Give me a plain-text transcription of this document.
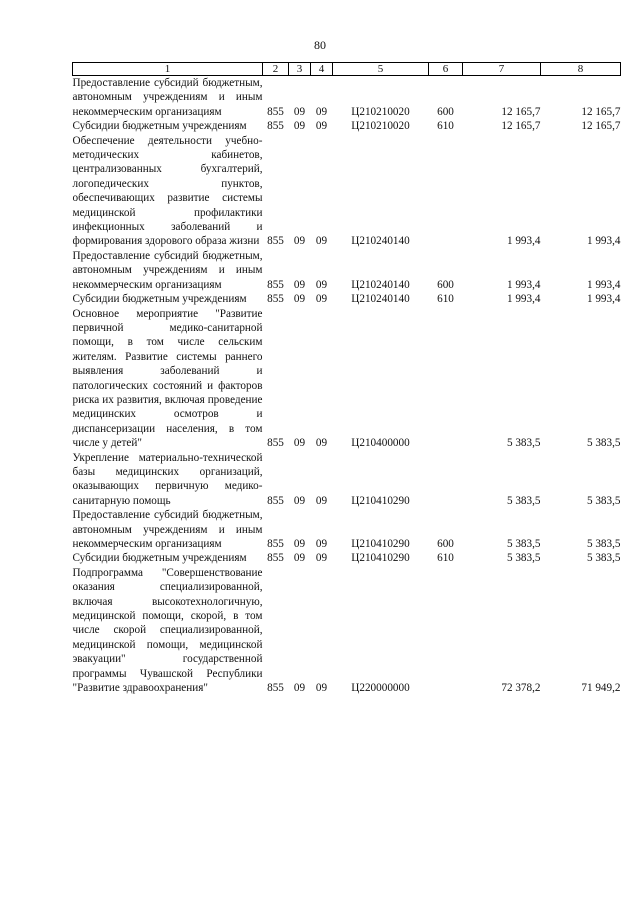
80
1	2	3	4	5	6	7	8
Предоставление субсидий бюджетным, автономным учреждениям и иным некоммерческим организациям	855	09	09	Ц210210020	600	12 165,7	12 165,7
Субсидии бюджетным учреждениям	855	09	09	Ц210210020	610	12 165,7	12 165,7
Обеспечение деятельности учебно-методических кабинетов, централизованных бухгалтерий, логопедических пунктов, обеспечивающих развитие системы медицинской профилактики инфекционных заболеваний и формирования здорового образа жизни	855	09	09	Ц210240140		1 993,4	1 993,4
Предоставление субсидий бюджетным, автономным учреждениям и иным некоммерческим организациям	855	09	09	Ц210240140	600	1 993,4	1 993,4
Субсидии бюджетным учреждениям	855	09	09	Ц210240140	610	1 993,4	1 993,4
Основное мероприятие "Развитие первичной медико-санитарной помощи, в том числе сельским жителям. Развитие системы раннего выявления заболеваний и патологических состояний и факторов риска их развития, включая проведение медицинских осмотров и диспансеризации населения, в том числе у детей"	855	09	09	Ц210400000		5 383,5	5 383,5
Укрепление материально-технической базы медицинских организаций, оказывающих первичную медико-санитарную помощь	855	09	09	Ц210410290		5 383,5	5 383,5
Предоставление субсидий бюджетным, автономным учреждениям и иным некоммерческим организациям	855	09	09	Ц210410290	600	5 383,5	5 383,5
Субсидии бюджетным учреждениям	855	09	09	Ц210410290	610	5 383,5	5 383,5
Подпрограмма "Совершенствование оказания специализированной, включая высокотехнологичную, медицинской помощи, скорой, в том числе скорой специализированной, медицинской помощи, медицинской эвакуации" государственной программы Чувашской Республики "Развитие здравоохранения"	855	09	09	Ц220000000		72 378,2	71 949,2
